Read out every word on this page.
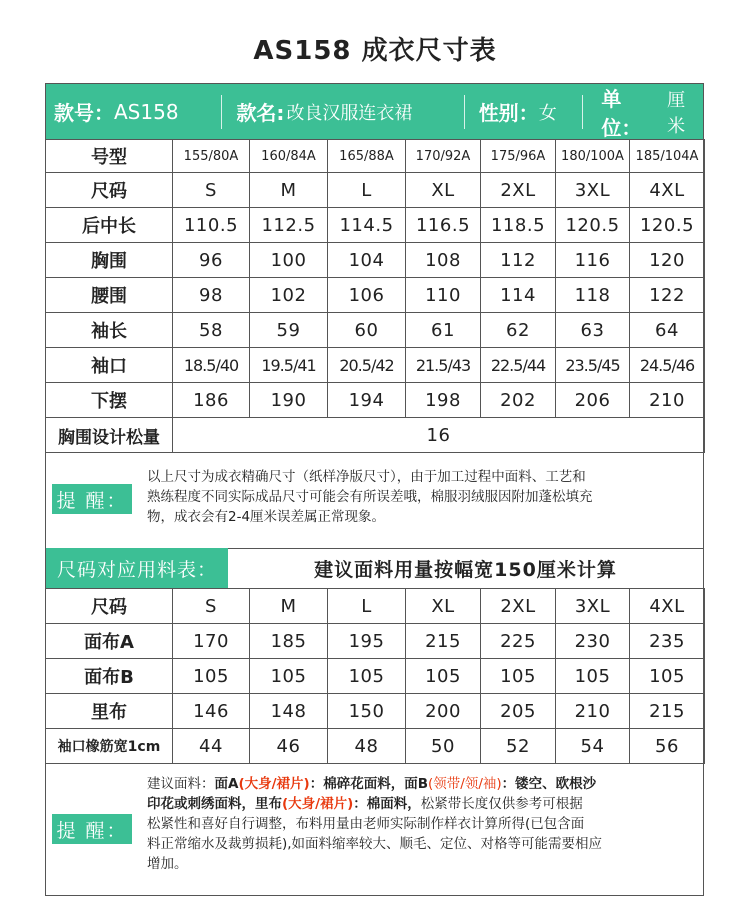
AS158 成衣尺寸表
款号： AS158	款名: 改良汉服连衣裙	性别： 女
单位：
厘米
号型	155/80A	160/84A	165/88A	170/92A	175/96A	180/100A	185/104A
尺码	S	M	L	XL	2XL	3XL	4XL
后中长	110.5	112.5	114.5	116.5	118.5	120.5	120.5
胸围	96	100	104	108	112	116	120
腰围	98	102	106	110	114	118	122
袖长	58	59	60	61	62	63	64
袖口	18.5/40	19.5/41	20.5/42	21.5/43	22.5/44	23.5/45	24.5/46
下摆	186	190	194	198	202	206	210
胸围设计松量	16						
提 醒：
以上尺寸为成衣精确尺寸（纸样净版尺寸），由于加工过程中面料、工艺和
熟练程度不同实际成品尺寸可能会有所误差哦，棉服羽绒服因附加蓬松填充
物，成衣会有2-4厘米误差属正常现象。
尺码对应用料表：	建议面料用量按幅宽150厘米计算
尺码	S	M	L	XL	2XL	3XL	4XL
面布A	170	185	195	215	225	230	235
面布B	105	105	105	105	105	105	105
里布	146	148	150	200	205	210	215
袖口橡筋宽1cm	44	46	48	50	52	54	56
提 醒：
建议面料：面A(大身/裙片)：棉碎花面料，面B(领带/领/袖)：镂空、欧根沙
印花或刺绣面料，里布(大身/裙片)：棉面料，松紧带长度仅供参考可根据
松紧性和喜好自行调整，布料用量由老师实际制作样衣计算所得(已包含面
料正常缩水及裁剪损耗),如面料缩率较大、顺毛、定位、对格等可能需要相应
增加。
